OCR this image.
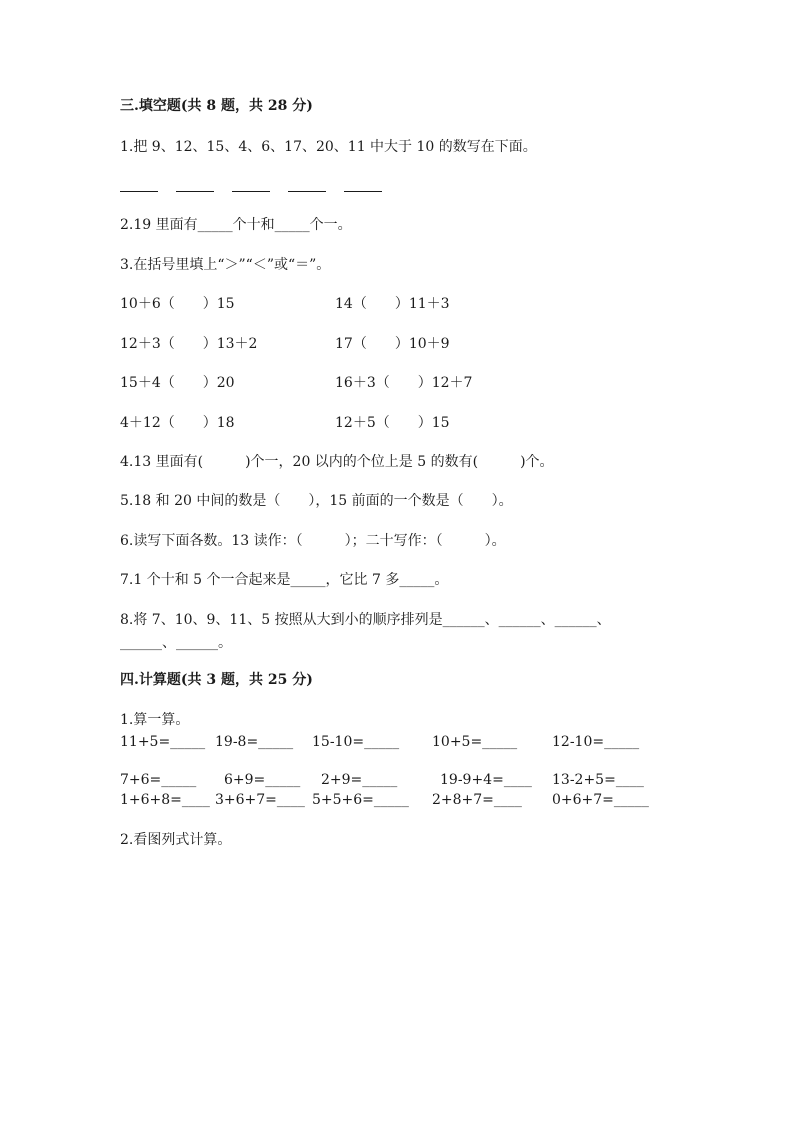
三.填空题(共 8 题，共 28 分)
1.把 9、12、15、4、6、17、20、11 中大于 10 的数写在下面。
2.19 里面有_____个十和_____个一。
3.在括号里填上“＞”“＜”或“＝”。
10＋6（　　）15	14（　　）11＋3
12＋3（　　）13＋2	17（　　）10＋9
15＋4（　　）20	16＋3（　　）12＋7
4＋12（　　）18	12＋5（　　）15
4.13 里面有(　　　)个一，20 以内的个位上是 5 的数有(　　　)个。
5.18 和 20 中间的数是（　　），15 前面的一个数是（　　）。
6.读写下面各数。13 读作：（　　　）；二十写作：（　　　）。
7.1 个十和 5 个一合起来是_____，它比 7 多_____。
8.将 7、10、9、11、5 按照从大到小的顺序排列是______、______、______、
______、______。
四.计算题(共 3 题，共 25 分)
1.算一算。
11+5=_____ 19-8=_____ 15-10=_____ 10+5=_____ 12-10=_____
7+6=_____ 6+9=_____ 2+9=_____	19-9+4=____ 13-2+5=____
1+6+8=____ 3+6+7=____ 5+5+6=_____ 2+8+7=____ 0+6+7=_____
2.看图列式计算。
